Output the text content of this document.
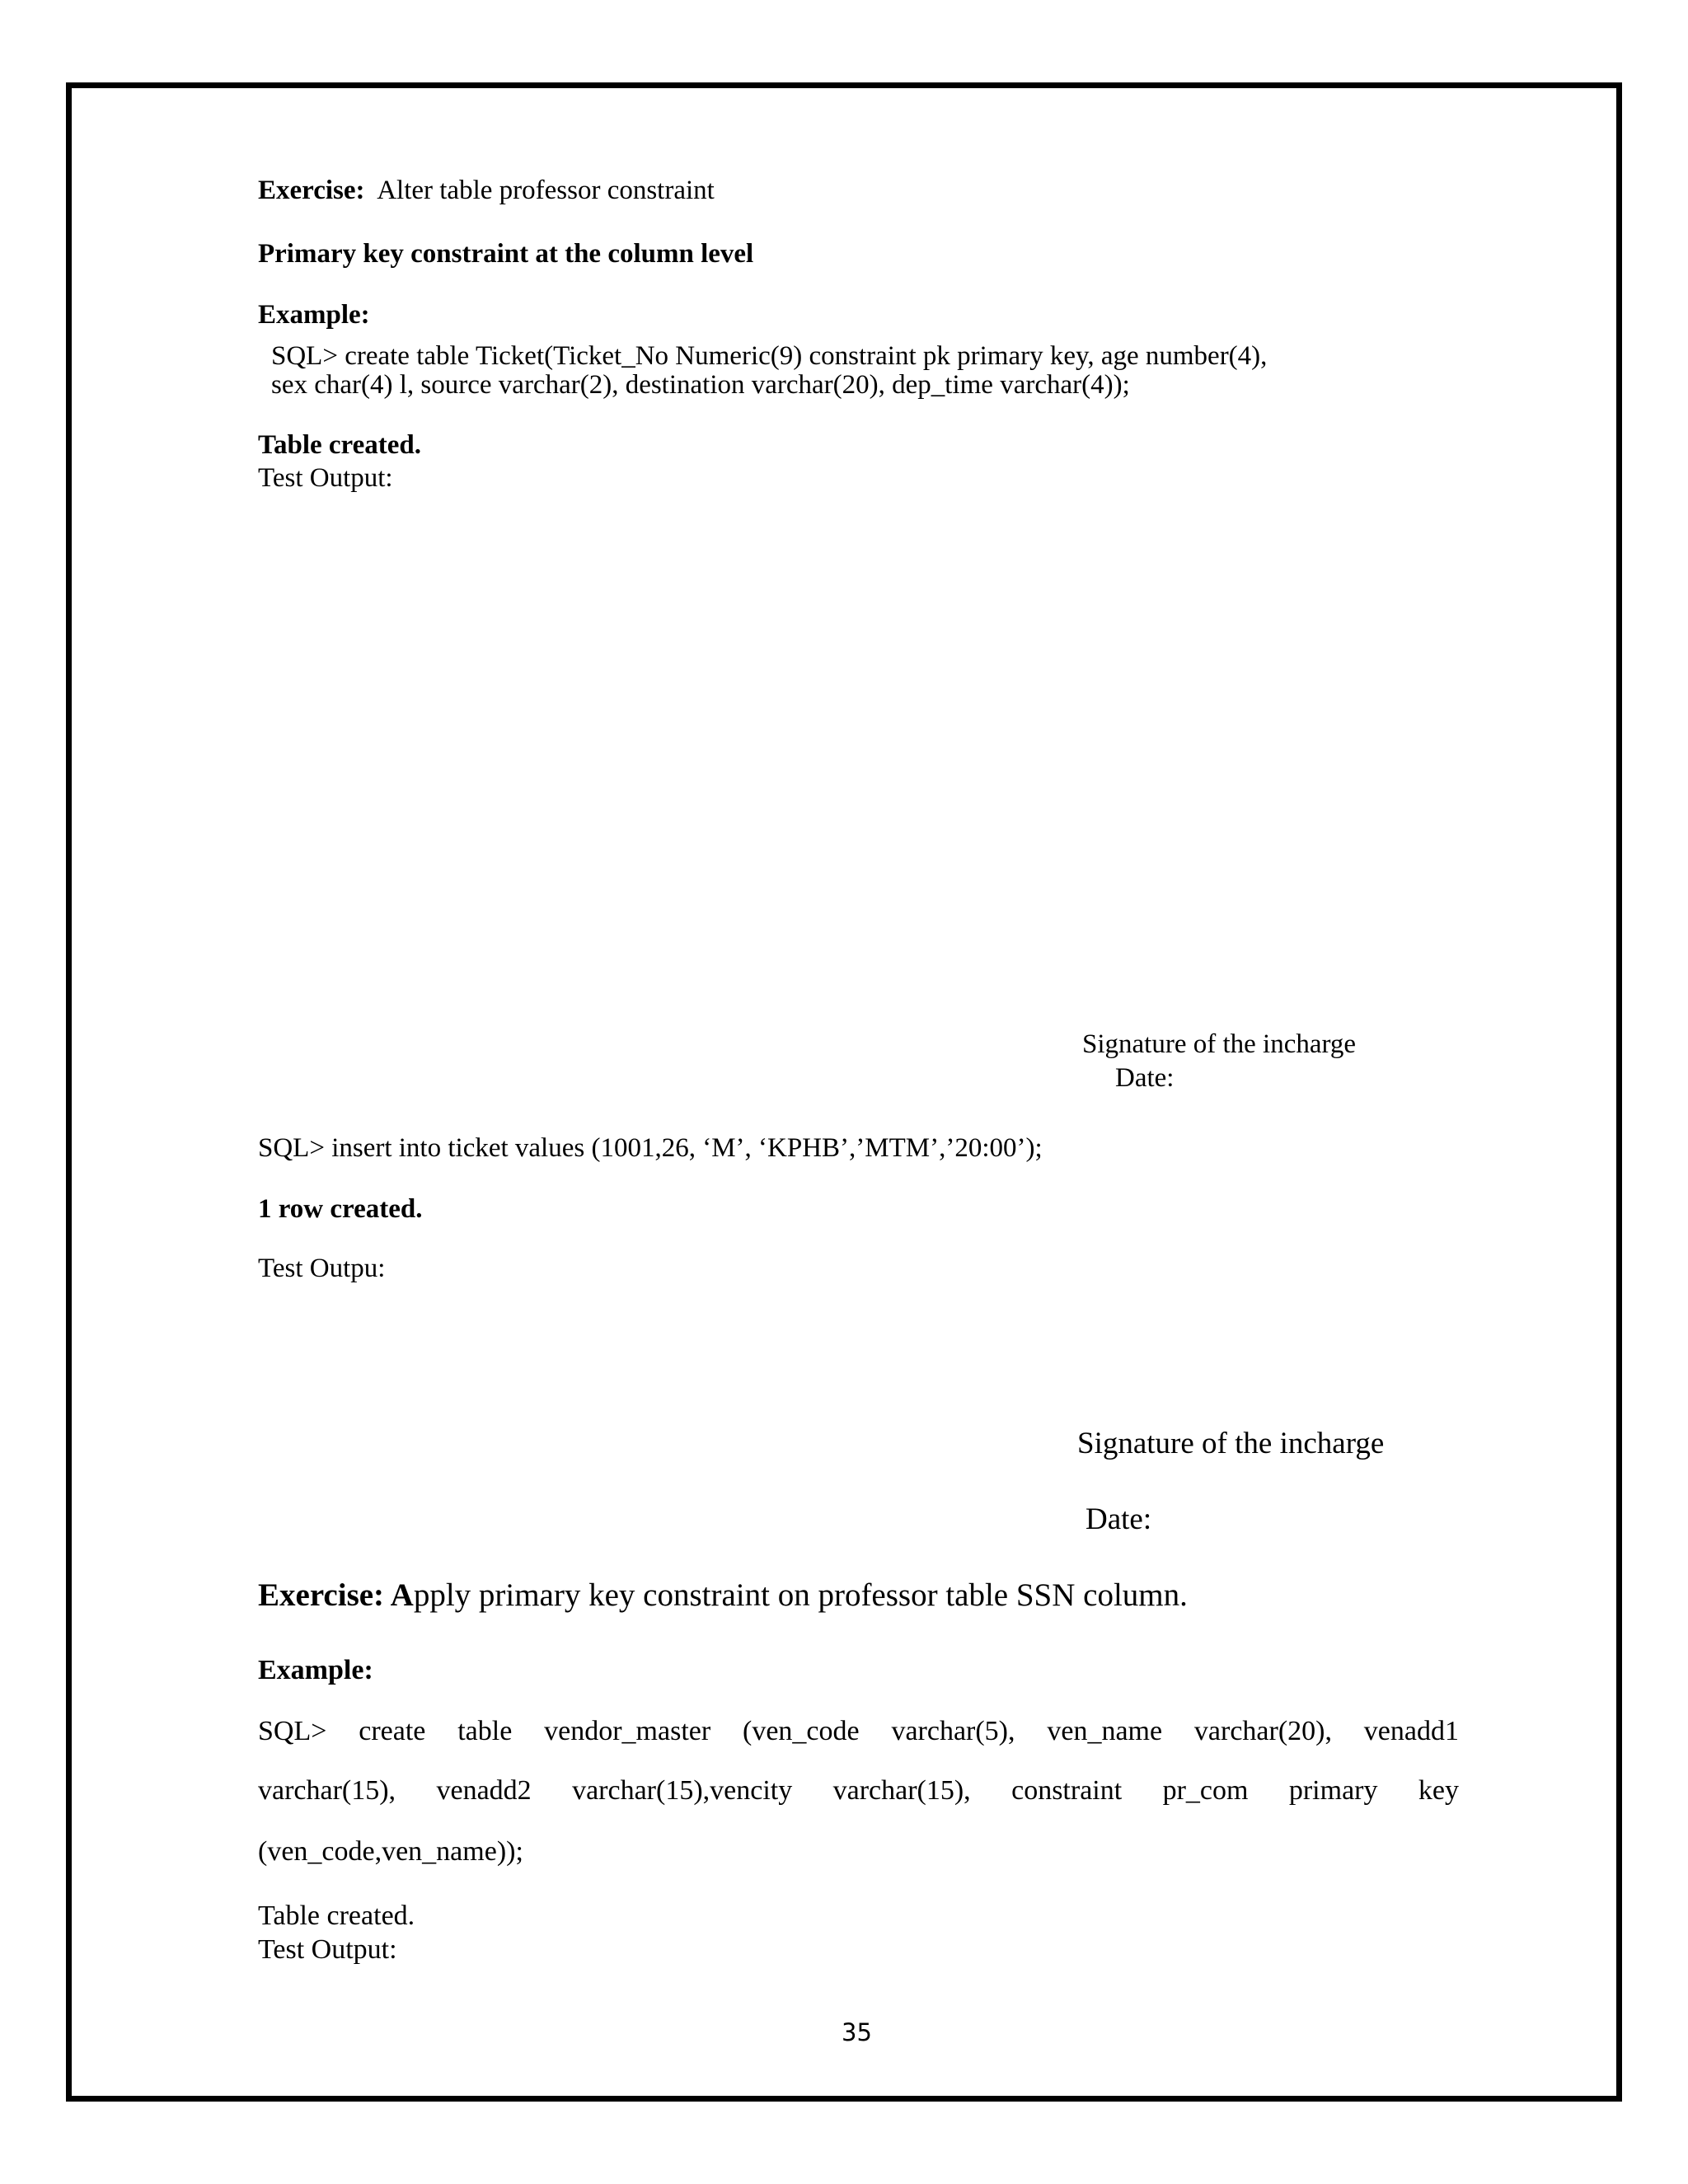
Exercise: Alter table professor constraint
Primary key constraint at the column level
Example:
SQL> create table Ticket(Ticket_No Numeric(9) constraint pk primary key, age number(4),
sex char(4) l, source varchar(2), destination varchar(20), dep_time varchar(4));
Table created.
Test Output:
Signature of the incharge
Date:
SQL> insert into ticket values (1001,26, ‘M’, ‘KPHB’,’MTM’,’20:00’);
1 row created.
Test Outpu:
Signature of the incharge
Date:
Exercise: Apply primary key constraint on professor table SSN column.
Example:
SQL> create table vendor_master (ven_code varchar(5), ven_name varchar(20), venadd1
varchar(15), venadd2 varchar(15),vencity varchar(15), constraint pr_com primary key
(ven_code,ven_name));
Table created.
Test Output:
35
